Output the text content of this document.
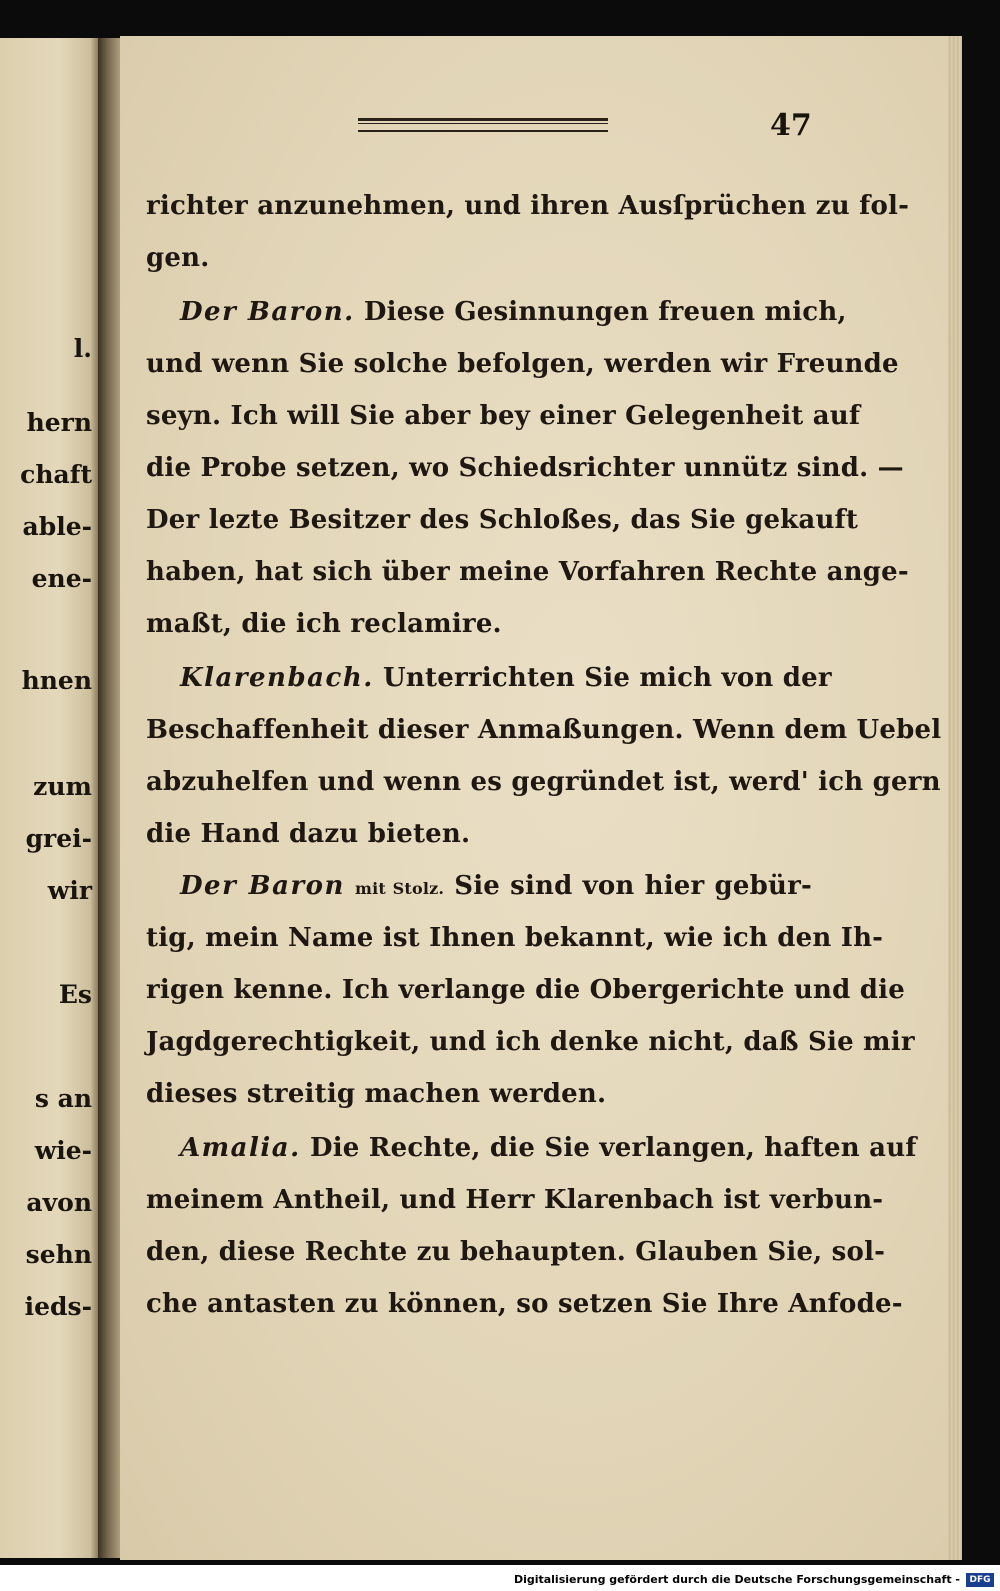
l.
hern
chaft
able-
ene-
hnen
zum
grei-
wir
Es
s an
wie-
avon
sehn
ieds-
47
richter anzunehmen, und ihren Ausſprüchen zu fol-
gen.
Der Baron. Diese Gesinnungen freuen mich,
und wenn Sie solche befolgen, werden wir Freunde
seyn. Ich will Sie aber bey einer Gelegenheit auf
die Probe setzen, wo Schiedsrichter unnütz sind. —
Der lezte Besitzer des Schloßes, das Sie gekauft
haben, hat sich über meine Vorfahren Rechte ange-
maßt, die ich reclamire.
Klarenbach. Unterrichten Sie mich von der
Beschaffenheit dieser Anmaßungen. Wenn dem Uebel
abzuhelfen und wenn es gegründet ist, werd' ich gern
die Hand dazu bieten.
Der Baron mit Stolz. Sie sind von hier gebür-
tig, mein Name ist Ihnen bekannt, wie ich den Ih-
rigen kenne. Ich verlange die Obergerichte und die
Jagdgerechtigkeit, und ich denke nicht, daß Sie mir
dieses streitig machen werden.
Amalia. Die Rechte, die Sie verlangen, haften auf
meinem Antheil, und Herr Klarenbach ist verbun-
den, diese Rechte zu behaupten. Glauben Sie, sol-
che antasten zu können, so setzen Sie Ihre Anfode-
Digitalisierung gefördert durch die Deutsche Forschungsgemeinschaft -	DFG
